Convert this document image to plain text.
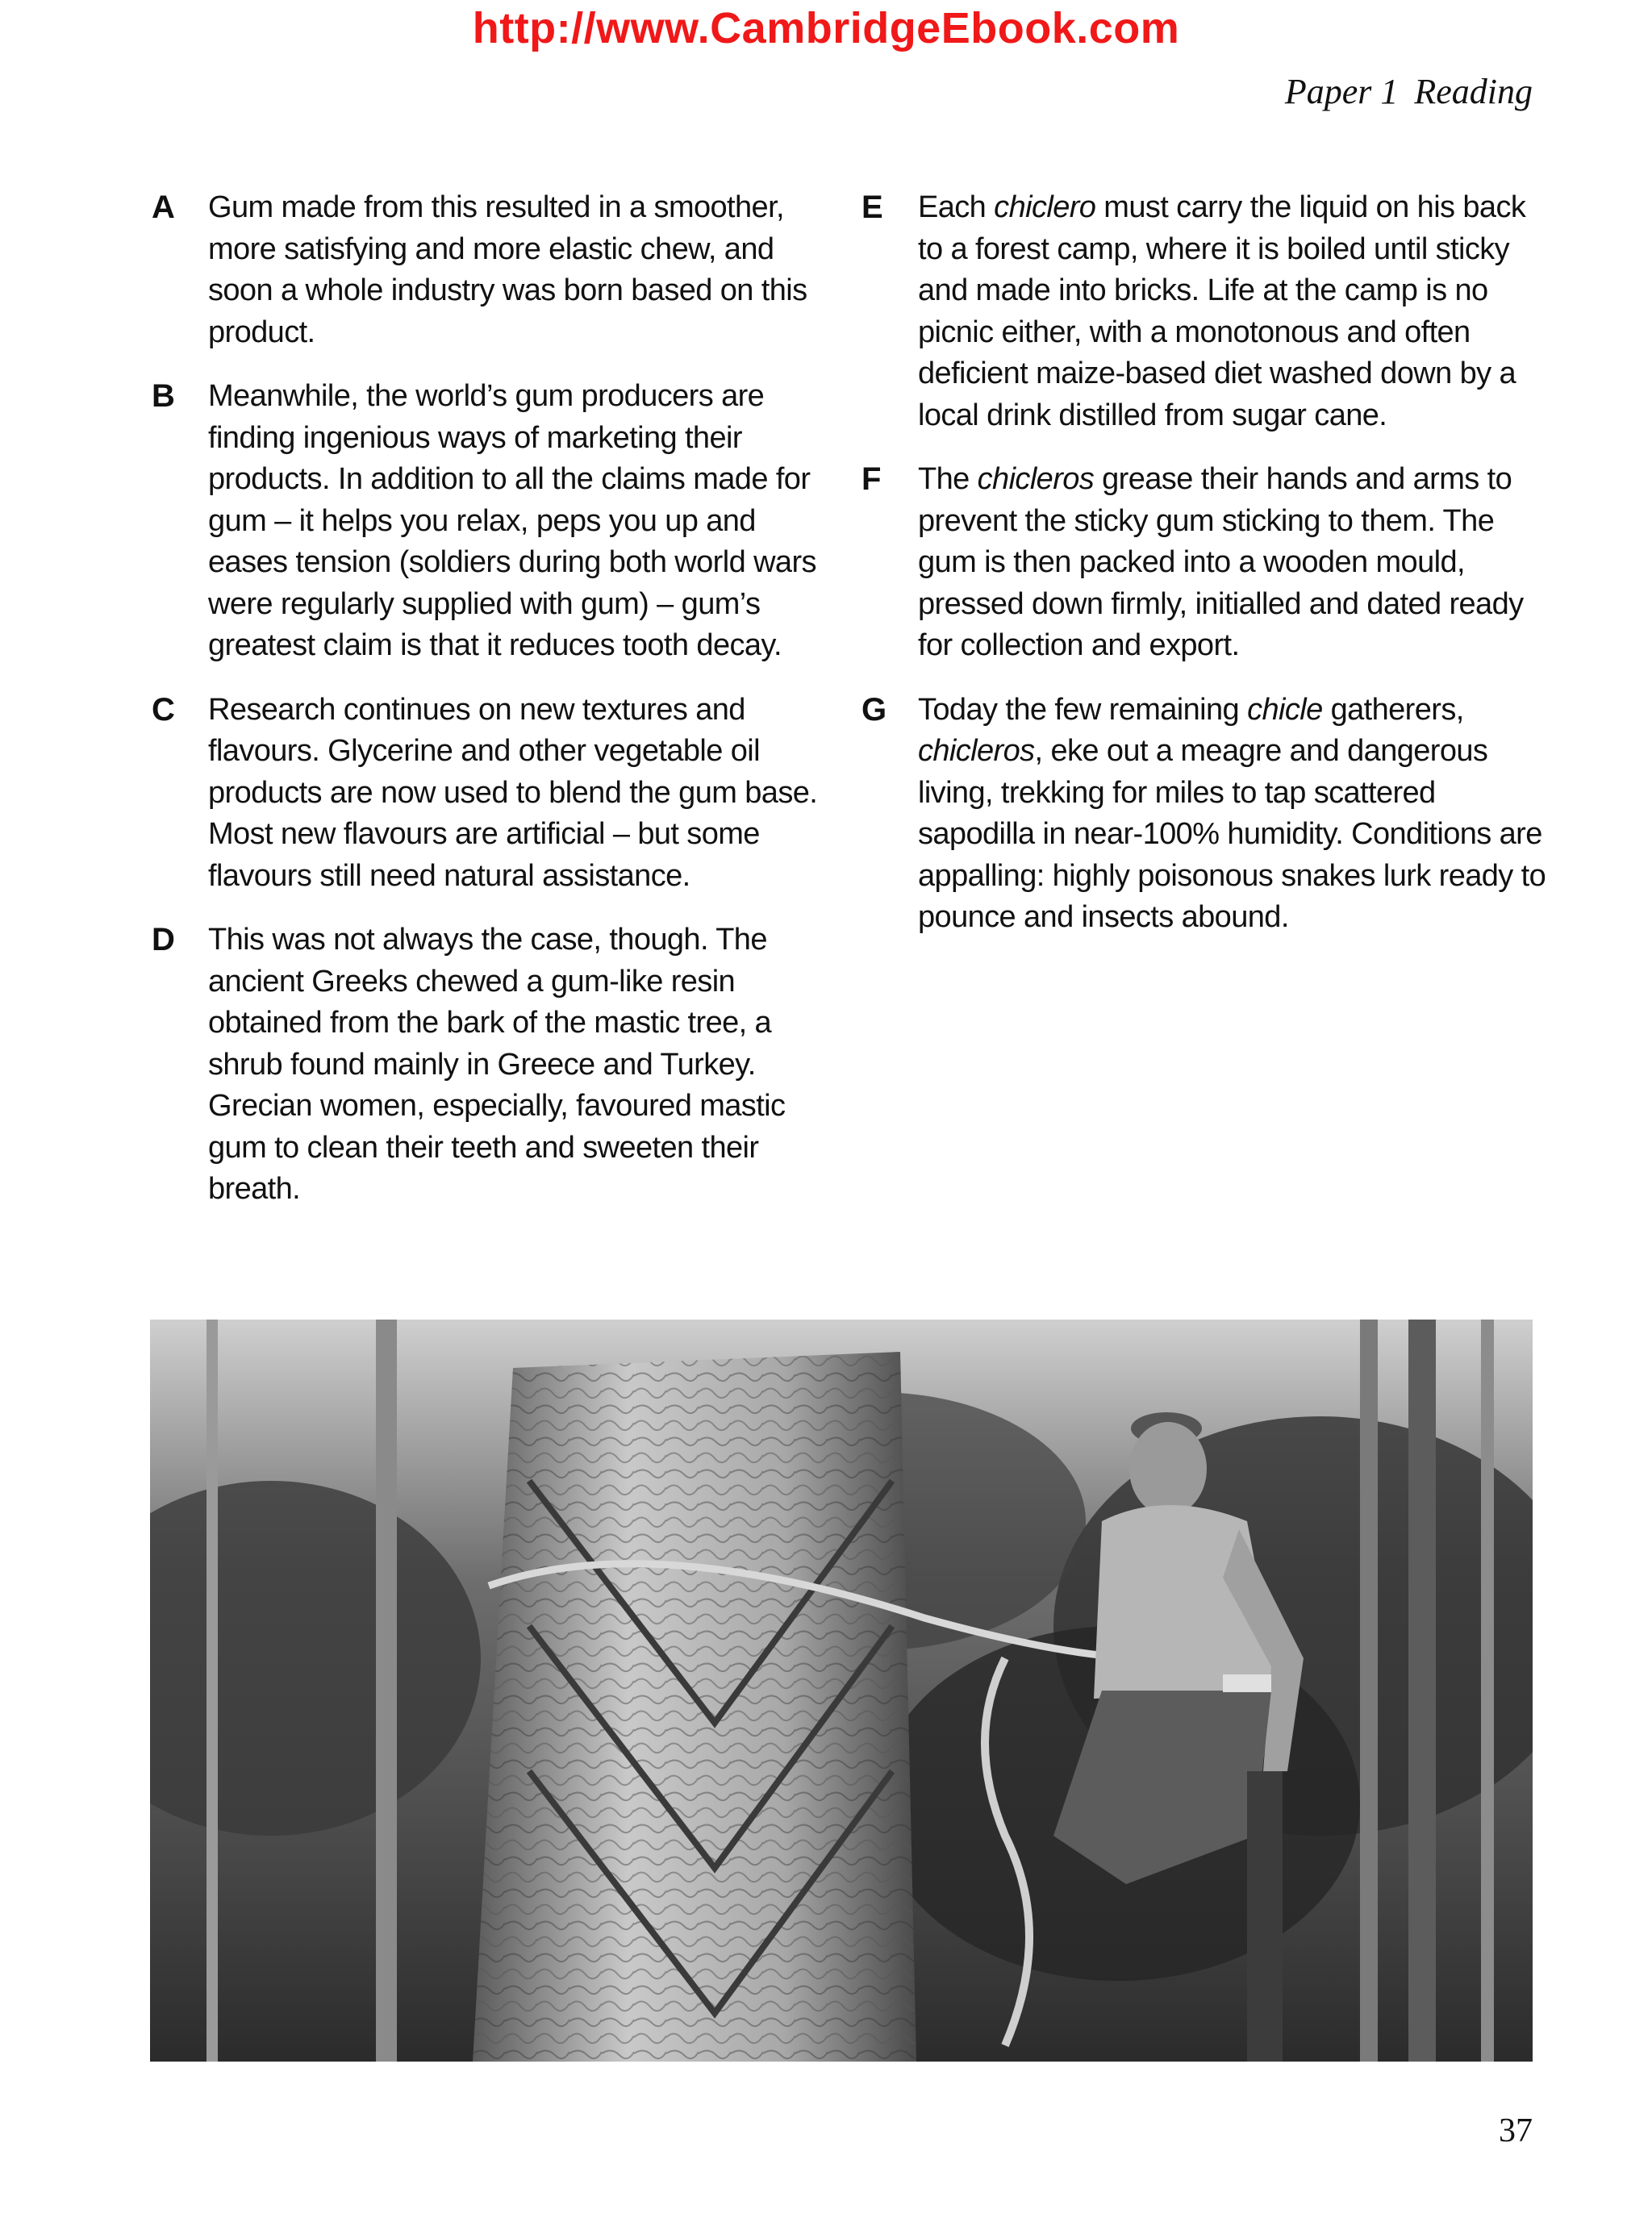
http://www.CambridgeEbook.com
Paper 1 Reading
A Gum made from this resulted in a smoother, more satisfying and more elastic chew, and soon a whole industry was born based on this product.
B Meanwhile, the world’s gum producers are finding ingenious ways of marketing their products. In addition to all the claims made for gum – it helps you relax, peps you up and eases tension (soldiers during both world wars were regularly supplied with gum) – gum’s greatest claim is that it reduces tooth decay.
C Research continues on new textures and flavours. Glycerine and other vegetable oil products are now used to blend the gum base. Most new flavours are artificial – but some flavours still need natural assistance.
D This was not always the case, though. The ancient Greeks chewed a gum-like resin obtained from the bark of the mastic tree, a shrub found mainly in Greece and Turkey. Grecian women, especially, favoured mastic gum to clean their teeth and sweeten their breath.
E Each chiclero must carry the liquid on his back to a forest camp, where it is boiled until sticky and made into bricks. Life at the camp is no picnic either, with a monotonous and often deficient maize-based diet washed down by a local drink distilled from sugar cane.
F The chicleros grease their hands and arms to prevent the sticky gum sticking to them. The gum is then packed into a wooden mould, pressed down firmly, initialled and dated ready for collection and export.
G Today the few remaining chicle gatherers, chicleros, eke out a meagre and dangerous living, trekking for miles to tap scattered sapodilla in near-100% humidity. Conditions are appalling: highly poisonous snakes lurk ready to pounce and insects abound.
37
